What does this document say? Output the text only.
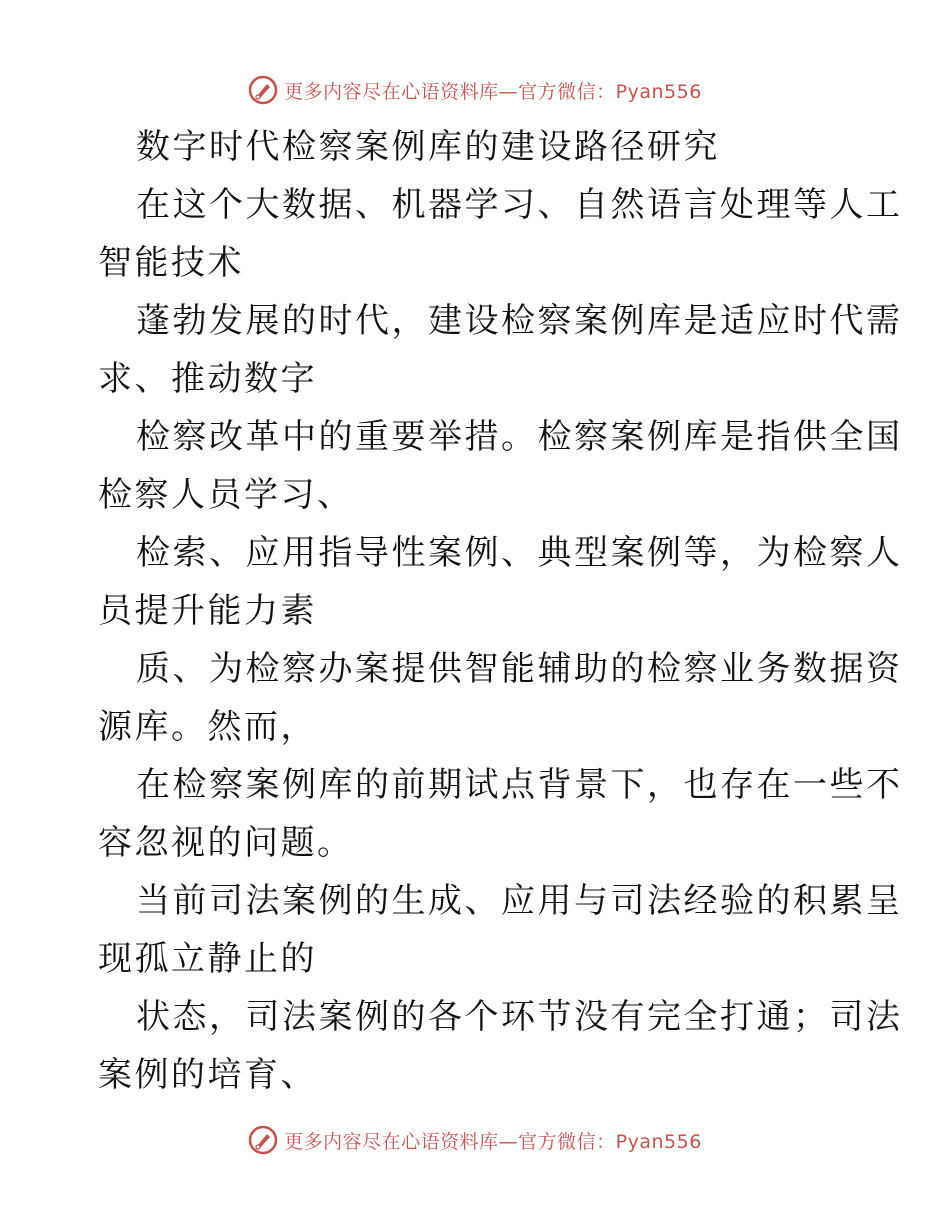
更多内容尽在心语资料库—官方微信：Pyan556
数字时代检察案例库的建设路径研究
在这个大数据、机器学习、自然语言处理等人工
智能技术
蓬勃发展的时代，建设检察案例库是适应时代需
求、推动数字
检察改革中的重要举措。检察案例库是指供全国
检察人员学习、
检索、应用指导性案例、典型案例等，为检察人
员提升能力素
质、为检察办案提供智能辅助的检察业务数据资
源库。然而，
在检察案例库的前期试点背景下，也存在一些不
容忽视的问题。
当前司法案例的生成、应用与司法经验的积累呈
现孤立静止的
状态，司法案例的各个环节没有完全打通；司法
案例的培育、
更多内容尽在心语资料库—官方微信：Pyan556
